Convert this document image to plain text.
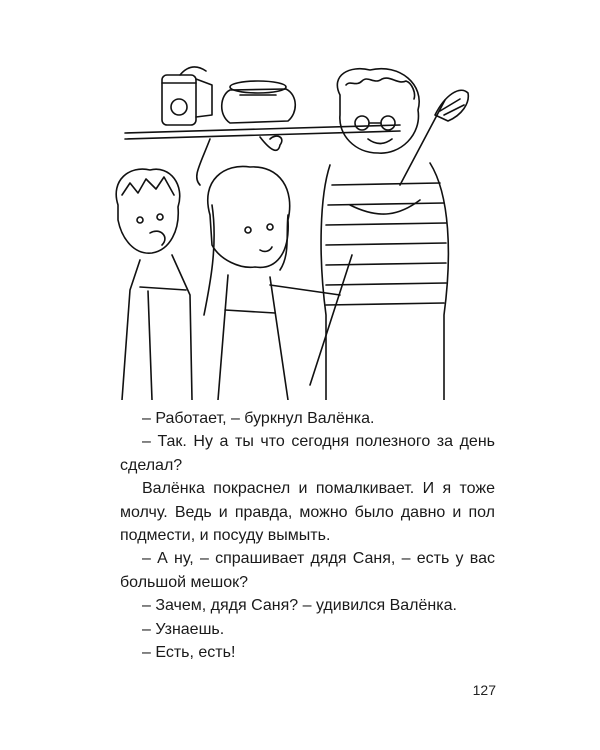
– Работает, – буркнул Валёнка.

– Так. Ну а ты что сегодня полезного за день сделал?

Валёнка покраснел и помалкивает. И я тоже молчу. Ведь и правда, можно было давно и пол подмести, и посуду вымыть.

– А ну, – спрашивает дядя Саня, – есть у вас большой мешок?

– Зачем, дядя Саня? – удивился Валёнка.

– Узнаешь.

– Есть, есть!

127
